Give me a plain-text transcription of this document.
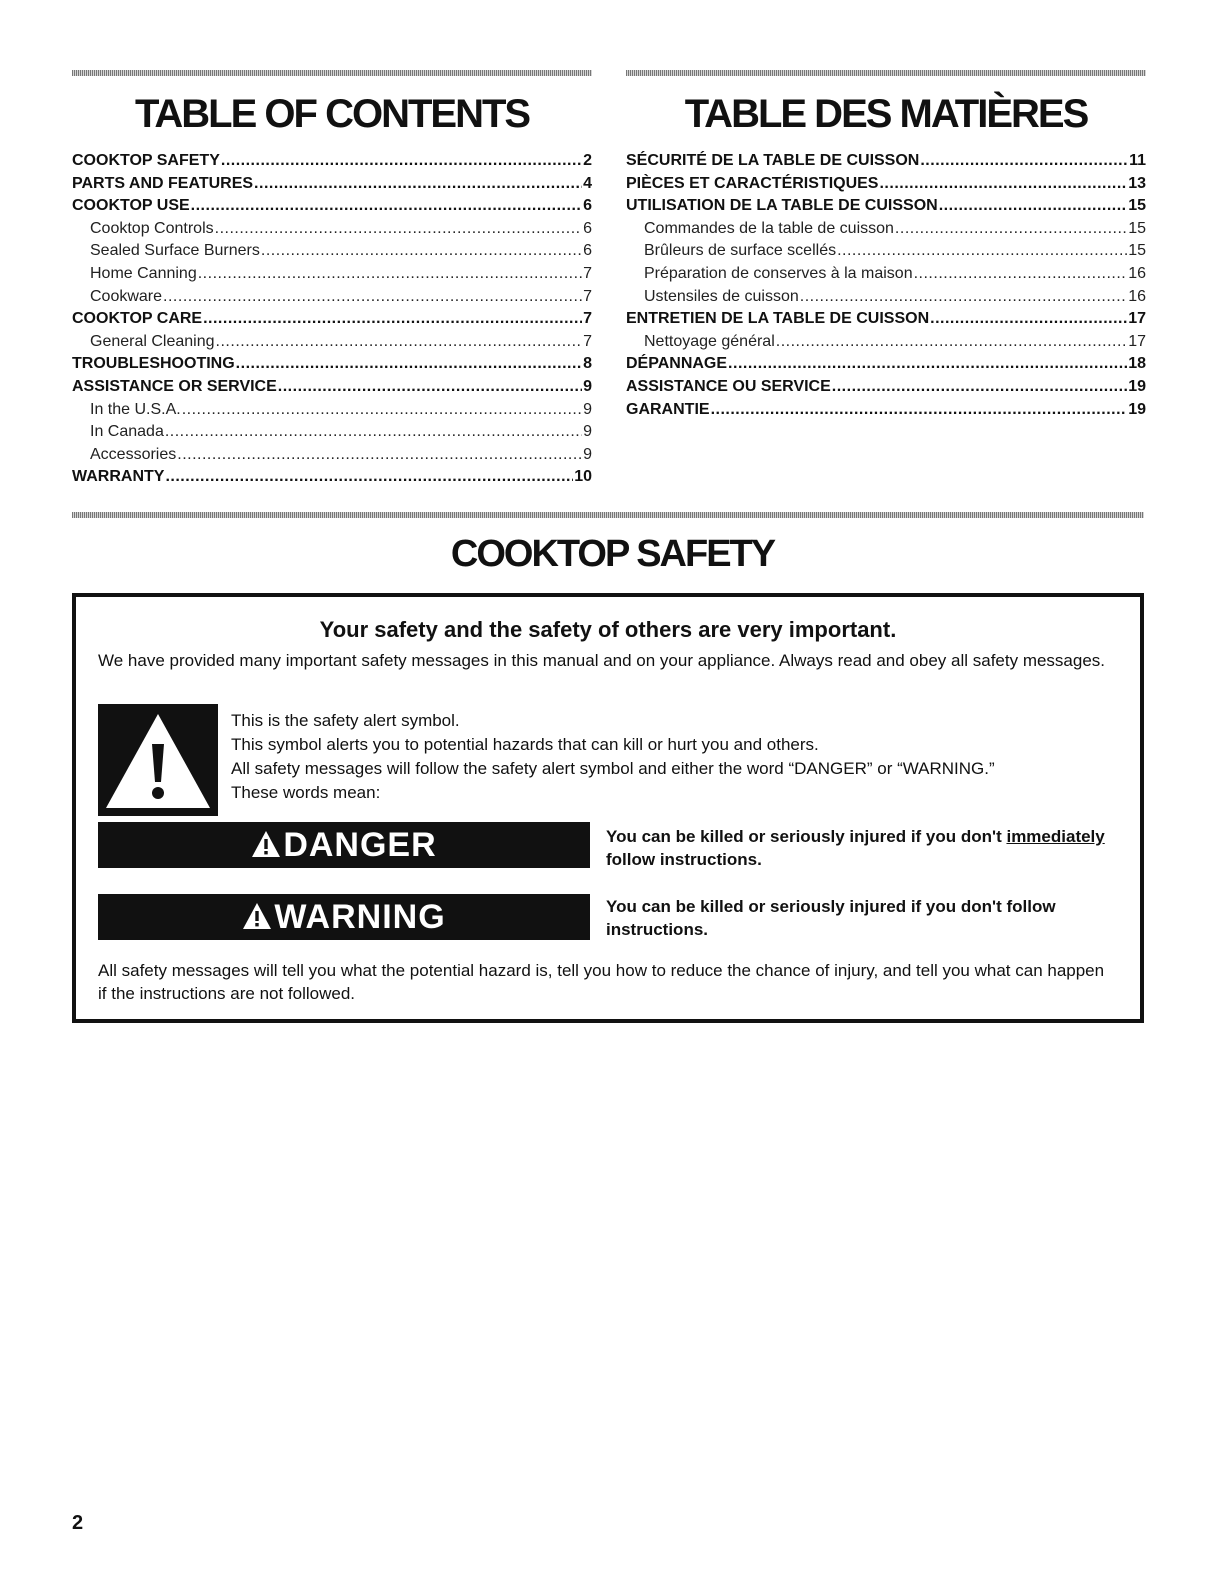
TABLE OF CONTENTS
COOKTOP SAFETY .....	2
PARTS AND FEATURES .....	4
COOKTOP USE .....	6
Cooktop Controls .....	6
Sealed Surface Burners .....	6
Home Canning .....	7
Cookware .....	7
COOKTOP CARE .....	7
General Cleaning .....	7
TROUBLESHOOTING .....	8
ASSISTANCE OR SERVICE .....	9
In the U.S.A. .....	9
In Canada .....	9
Accessories .....	9
WARRANTY .....	10
TABLE DES MATIÈRES
SÉCURITÉ DE LA TABLE DE CUISSON .....	11
PIÈCES ET CARACTÉRISTIQUES .....	13
UTILISATION DE LA TABLE DE CUISSON .....	15
Commandes de la table de cuisson .....	15
Brûleurs de surface scellés .....	15
Préparation de conserves à la maison .....	16
Ustensiles de cuisson .....	16
ENTRETIEN DE LA TABLE DE CUISSON .....	17
Nettoyage général .....	17
DÉPANNAGE .....	18
ASSISTANCE OU SERVICE .....	19
GARANTIE .....	19
COOKTOP SAFETY

Your safety and the safety of others are very important.

We have provided many important safety messages in this manual and on your appliance. Always read and obey all safety messages.

This is the safety alert symbol.

This symbol alerts you to potential hazards that can kill or hurt you and others.

All safety messages will follow the safety alert symbol and either the word “DANGER” or “WARNING.”

These words mean:

DANGER	You can be killed or seriously injured if you don't immediately
follow instructions.

WARNING	You can be killed or seriously injured if you don't follow instructions.

All safety messages will tell you what the potential hazard is, tell you how to reduce the chance of injury, and tell you what can happen if the instructions are not followed.

2
